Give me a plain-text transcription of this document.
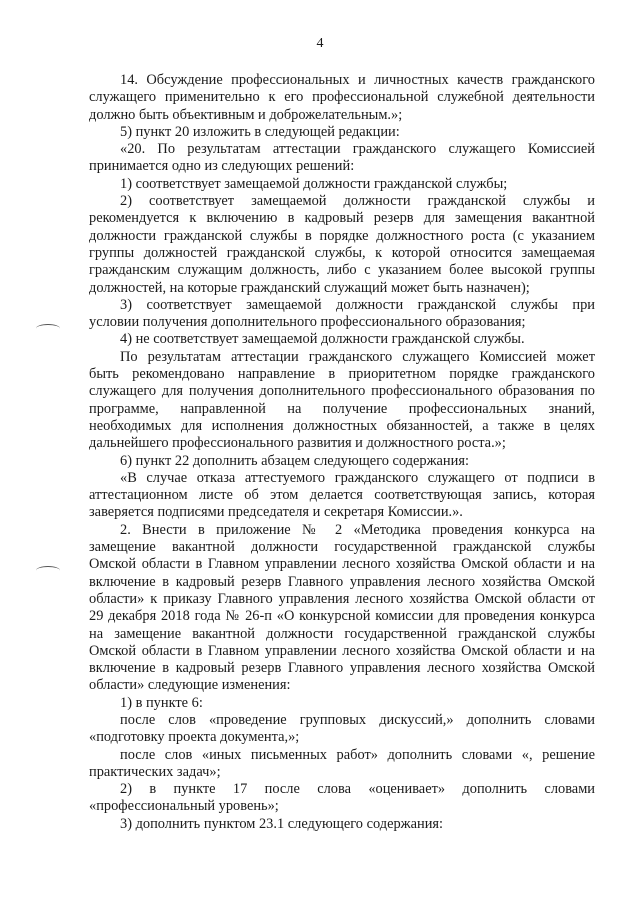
4

14. Обсуждение профессиональных и личностных качеств гражданского
служащего применительно к его профессиональной служебной деятельности
должно быть объективным и доброжелательным.»;

5) пункт 20 изложить в следующей редакции:

«20. По результатам аттестации гражданского служащего Комиссией
принимается одно из следующих решений:

1) соответствует замещаемой должности гражданской службы;

2) соответствует замещаемой должности гражданской службы и
рекомендуется к включению в кадровый резерв для замещения вакантной
должности гражданской службы в порядке должностного роста (с указанием
группы должностей гражданской службы, к которой относится замещаемая
гражданским служащим должность, либо с указанием более высокой группы
должностей, на которые гражданский служащий может быть назначен);

3) соответствует замещаемой должности гражданской службы при
условии получения дополнительного профессионального образования;

4) не соответствует замещаемой должности гражданской службы.

По результатам аттестации гражданского служащего Комиссией может
быть рекомендовано направление в приоритетном порядке гражданского
служащего для получения дополнительного профессионального образования по
программе, направленной на получение профессиональных знаний,
необходимых для исполнения должностных обязанностей, а также в целях
дальнейшего профессионального развития и должностного роста.»;

6) пункт 22 дополнить абзацем следующего содержания:

«В случае отказа аттестуемого гражданского служащего от подписи в
аттестационном листе об этом делается соответствующая запись, которая
заверяется подписями председателя и секретаря Комиссии.».

2. Внести в приложение № 2 «Методика проведения конкурса на
замещение вакантной должности государственной гражданской службы
Омской области в Главном управлении лесного хозяйства Омской области и на
включение в кадровый резерв Главного управления лесного хозяйства Омской
области» к приказу Главного управления лесного хозяйства Омской области от
29 декабря 2018 года № 26-п «О конкурсной комиссии для проведения конкурса
на замещение вакантной должности государственной гражданской службы
Омской области в Главном управлении лесного хозяйства Омской области и на
включение в кадровый резерв Главного управления лесного хозяйства Омской
области» следующие изменения:

1) в пункте 6:

после слов «проведение групповых дискуссий,» дополнить словами
«подготовку проекта документа,»;

после слов «иных письменных работ» дополнить словами «, решение
практических задач»;

2) в пункте 17 после слова «оценивает» дополнить словами
«профессиональный уровень»;

3) дополнить пунктом 23.1 следующего содержания:
